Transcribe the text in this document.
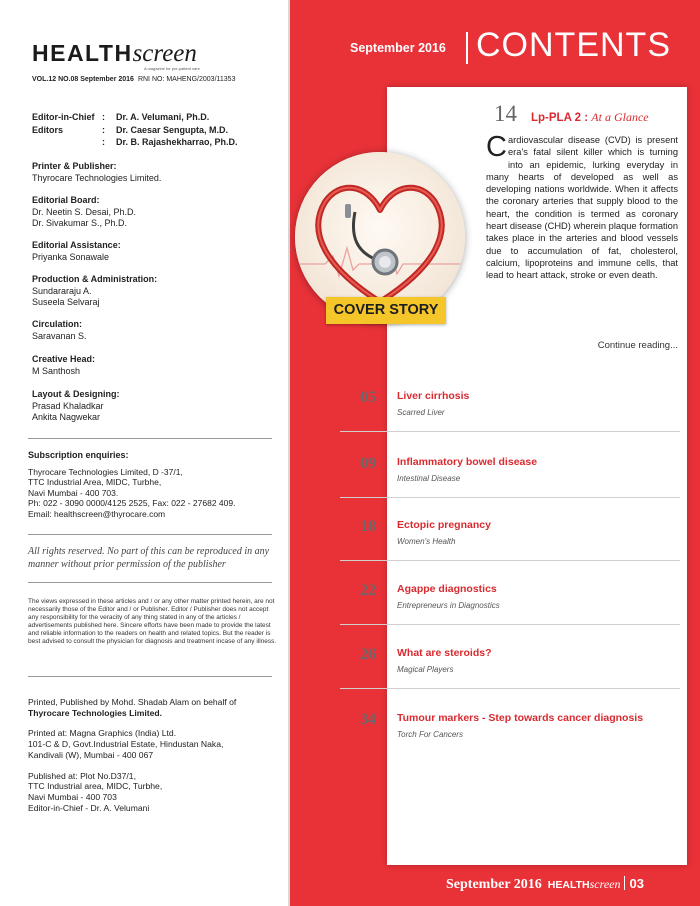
HEALTHscreen
A magazine for pre-patient care
VOL.12 NO.08 September 2016 RNI NO: MAHENG/2003/11353
Editor-in-Chief :	Dr. A. Velumani, Ph.D.
Editors	:	Dr. Caesar Sengupta, M.D.
:	Dr. B. Rajashekharrao, Ph.D.
Printer & Publisher:
Thyrocare Technologies Limited.
Editorial Board:
Dr. Neetin S. Desai, Ph.D.
Dr. Sivakumar S., Ph.D.
Editorial Assistance:
Priyanka Sonawale
Production & Administration:
Sundararaju A.
Suseela Selvaraj
Circulation:
Saravanan S.
Creative Head:
M Santhosh
Layout & Designing:
Prasad Khaladkar
Ankita Nagwekar
Subscription enquiries:
Thyrocare Technologies Limited, D -37/1,
TTC Industrial Area, MIDC, Turbhe,
Navi Mumbai - 400 703.
Ph: 022 - 3090 0000/4125 2525, Fax: 022 - 27682 409.
Email: healthscreen@thyrocare.com
All rights reserved. No part of this can be reproduced in any manner without prior permission of the publisher
The views expressed in these articles and / or any other matter printed herein, are not necessarily those of the Editor and / or Publisher. Editor / Publisher does not accept any responsibility for the veracity of any thing stated in any of the articles / advertisements published here. Sincere efforts have been made to provide the latest and reliable information to the readers on health and related topics. But the reader is best advised to consult the physician for diagnosis and treatment incase of any illness.
Printed, Published by Mohd. Shadab Alam on behalf of
Thyrocare Technologies Limited.
Printed at: Magna Graphics (India) Ltd.
101-C & D, Govt.Industrial Estate, Hindustan Naka,
Kandivali (W), Mumbai - 400 067
Published at: Plot No.D37/1,
TTC Industrial area, MIDC, Turbhe,
Navi Mumbai - 400 703
Editor-in-Chief - Dr. A. Velumani
September 2016 CONTENTS
COVER STORY
14 Lp-PLA 2 : At a Glance
Cardiovascular disease (CVD) is present era’s fatal silent killer which is turning into an epidemic, lurking everyday in many hearts of developed as well as developing nations worldwide. When it affects the coronary arteries that supply blood to the heart, the condition is termed as coronary heart disease (CHD) wherein plaque formation takes place in the arteries and blood vessels due to accumulation of fat, cholesterol, calcium, lipoproteins and immune cells, that lead to heart attack, stroke or even death.
Continue reading...
05 Liver cirrhosis
Scarred Liver
09 Inflammatory bowel disease
Intestinal Disease
18 Ectopic pregnancy
Women's Health
22 Agappe diagnostics
Entrepreneurs in Diagnostics
26 What are steroids?
Magical Players
34 Tumour markers - Step towards cancer diagnosis
Torch For Cancers
September 2016 HEALTHscreen 03
